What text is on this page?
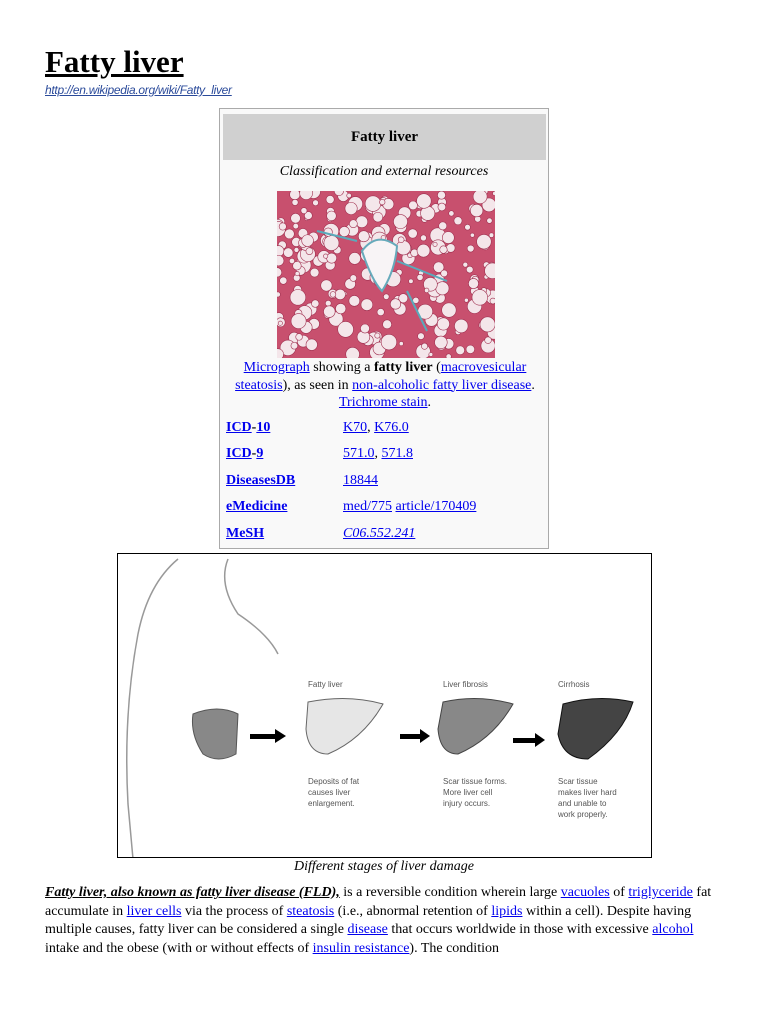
Fatty liver
http://en.wikipedia.org/wiki/Fatty_liver
Fatty liver
Classification and external resources
Micrograph showing a fatty liver (macrovesicular steatosis), as seen in non-alcoholic fatty liver disease. Trichrome stain.
ICD-10	K70, K76.0
ICD-9	571.0, 571.8
DiseasesDB	18844
eMedicine	med/775 article/170409
MeSH	C06.552.241
Fatty liver	Liver fibrosis	Cirrhosis
Deposits of fat
causes liver
enlargement.
Scar tissue forms.
More liver cell
injury occurs.
Scar tissue
makes liver hard
and unable to
work properly.
Different stages of liver damage

Fatty liver, also known as fatty liver disease (FLD), is a reversible condition wherein large vacuoles of triglyceride fat accumulate in liver cells via the process of steatosis (i.e., abnormal retention of lipids within a cell). Despite having multiple causes, fatty liver can be considered a single disease that occurs worldwide in those with excessive alcohol intake and the obese (with or without effects of insulin resistance). The condition
